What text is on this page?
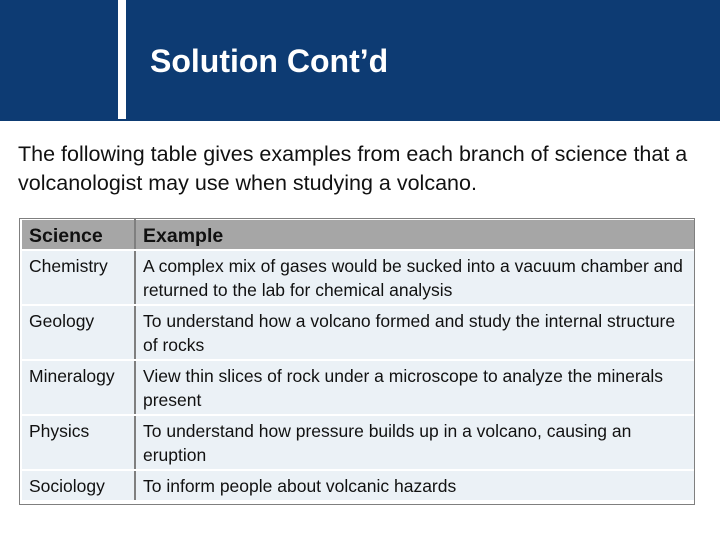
Solution Cont’d
The following table gives examples from each branch of science that a volcanologist may use when studying a volcano.
Science	Example
Chemistry	A complex mix of gases would be sucked into a vacuum chamber and returned to the lab for chemical analysis
Geology	To understand how a volcano formed and study the internal structure of rocks
Mineralogy	View thin slices of rock under a microscope to analyze the minerals present
Physics	To understand how pressure builds up in a volcano, causing an eruption
Sociology	To inform people about volcanic hazards
